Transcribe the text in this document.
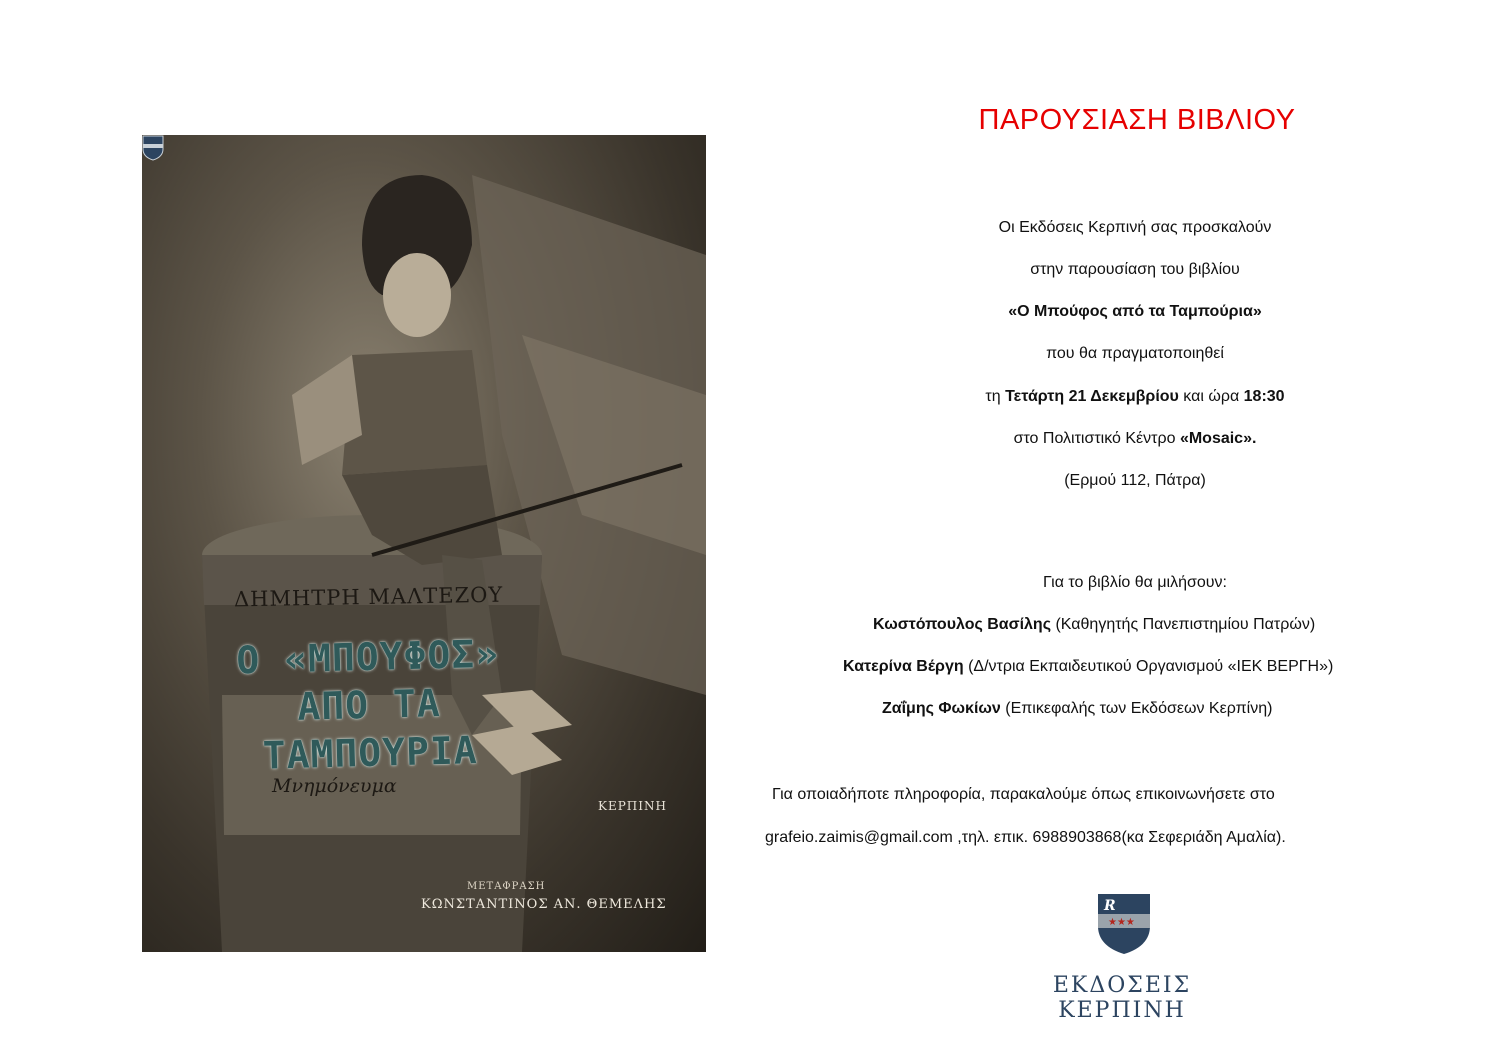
ΔΗΜΗΤΡΗ ΜΑΛΤΕΖΟΥ
Ο «ΜΠΟΥΦΟΣ»
ΑΠΟ ΤΑ
ΤΑΜΠΟΥΡΙΑ
Μνημόνευμα
ΚΕΡΠΙΝΗ
ΜΕΤΑΦΡΑΣΗ
ΚΩΝΣΤΑΝΤΙΝΟΣ ΑΝ. ΘΕΜΕΛΗΣ
ΠΑΡΟΥΣΙΑΣΗ ΒΙΒΛΙΟΥ
Οι Εκδόσεις Κερπινή σας προσκαλούν
στην παρουσίαση του βιβλίου
«Ο Μπούφος από τα Ταμπούρια»
που θα πραγματοποιηθεί
τη Τετάρτη 21 Δεκεμβρίου και ώρα 18:30
στο Πολιτιστικό Κέντρο «Mosaic».
(Ερμού 112, Πάτρα)
Για το βιβλίο θα μιλήσουν:
Κωστόπουλος Βασίλης (Καθηγητής Πανεπιστημίου Πατρών)
Κατερίνα Βέργη (Δ/ντρια Εκπαιδευτικού Οργανισμού «ΙΕΚ ΒΕΡΓΗ»)
Ζαΐμης Φωκίων (Επικεφαλής των Εκδόσεων Κερπίνη)
Για οποιαδήποτε πληροφορία, παρακαλούμε όπως επικοινωνήσετε στο
grafeio.zaimis@gmail.com ,τηλ. επικ. 6988903868(κα Σεφεριάδη Αμαλία).
R
★★★
ΕΚΔΟΣΕΙΣ ΚΕΡΠΙΝΗ
